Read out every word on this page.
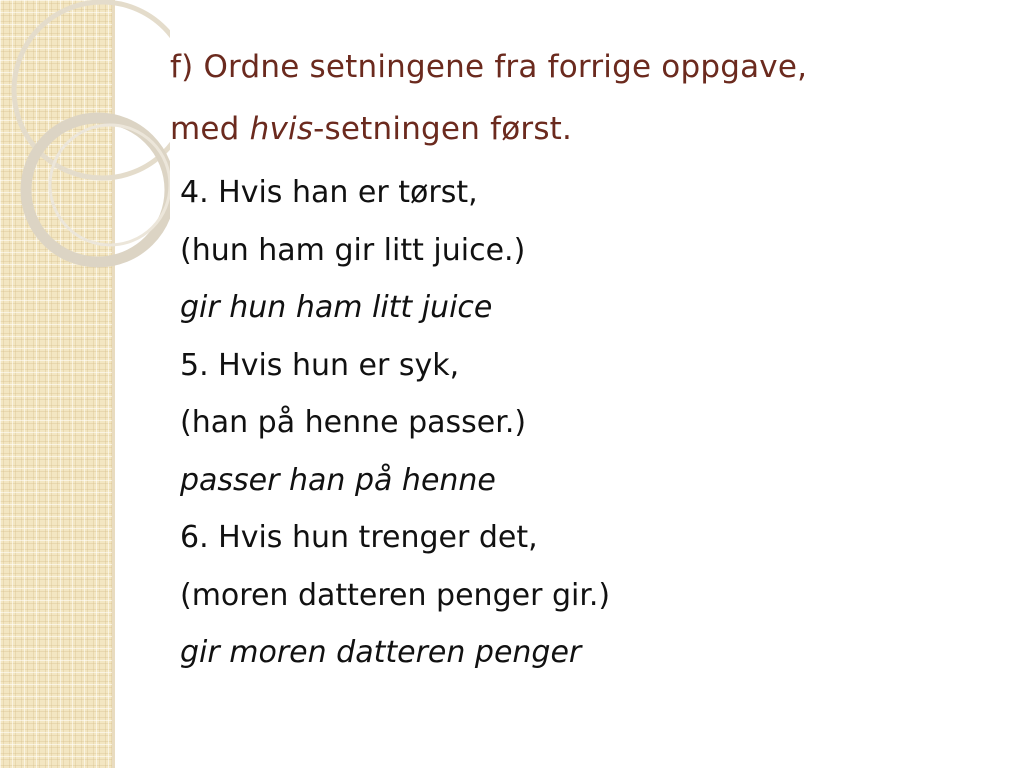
f) Ordne setningene fra forrige oppgave,
med hvis-setningen først.
4. Hvis han er tørst,
(hun ham gir litt juice.)
gir hun ham litt juice
5. Hvis hun er syk,
(han på henne passer.)
passer han på henne
6. Hvis hun trenger det,
(moren datteren penger gir.)
gir moren datteren penger
